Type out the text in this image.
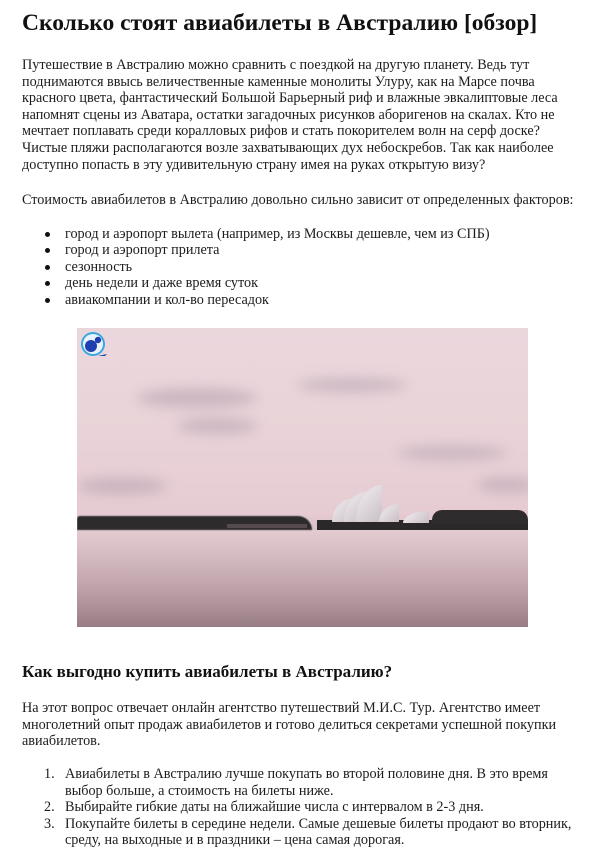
Сколько стоят авиабилеты в Австралию [обзор]

Путешествие в Австралию можно сравнить с поездкой на другую планету. Ведь тут
поднимаются ввысь величественные каменные монолиты Улуру, как на Марсе почва
красного цвета, фантастический Большой Барьерный риф и влажные эвкалиптовые леса
напомнят сцены из Аватара, остатки загадочных рисунков аборигенов на скалах. Кто не
мечтает поплавать среди коралловых рифов и стать покорителем волн на серф доске?
Чистые пляжи располагаются возле захватывающих дух небоскребов. Так как наиболее
доступно попасть в эту удивительную страну имея на руках открытую визу?

Стоимость авиабилетов в Австралию довольно сильно зависит от определенных факторов:

город и аэропорт вылета (например, из Москвы дешевле, чем из СПБ)
город и аэропорт прилета
сезонность
день недели и даже время суток
авиакомпании и кол-во пересадок
Как выгодно купить авиабилеты в Австралию?

На этот вопрос отвечает онлайн агентство путешествий М.И.С. Тур. Агентство имеет
многолетний опыт продаж авиабилетов и готово делиться секретами успешной покупки
авиабилетов.

1. Авиабилеты в Австралию лучше покупать во второй половине дня. В это время
выбор больше, а стоимость на билеты ниже.
2. Выбирайте гибкие даты на ближайшие числа с интервалом в 2-3 дня.
3. Покупайте билеты в середине недели. Самые дешевые билеты продают во вторник,
среду, на выходные и в праздники – цена самая дорогая.
